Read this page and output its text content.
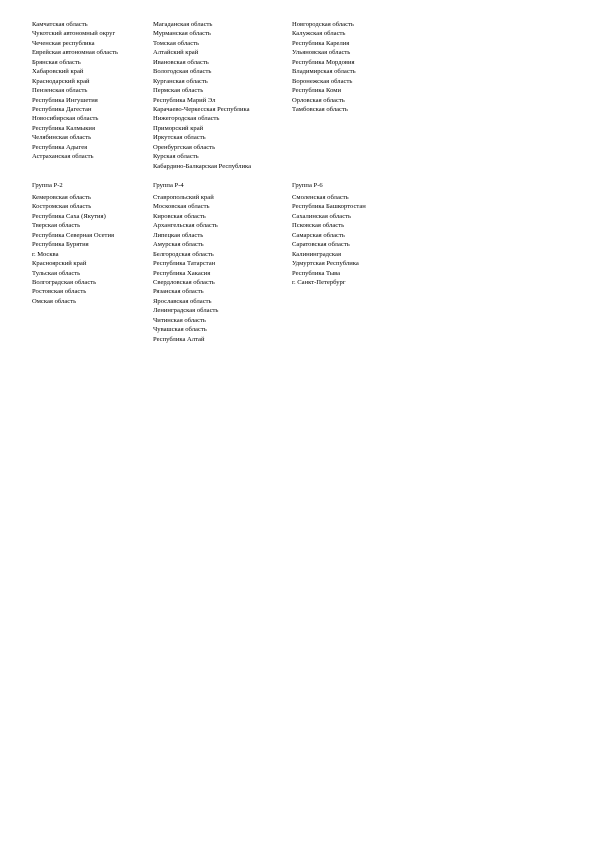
Камчатская область
Чукотский автономный округ
Чеченская республика
Еврейская автономная область
Брянская область
Хабаровский край
Краснодарский край
Пензенская область
Республика Ингушетия
Республика Дагестан
Новосибирская область
Республика Калмыкия
Челябинская область
Республика Адыгея
Астраханская область
Магаданская область
Мурманская область
Томская область
Алтайский край
Ивановская область
Вологодская область
Курганская область
Пермская область
Республика Марий Эл
Карачаево-Черкесская Республика
Нижегородская область
Приморский край
Иркутская область
Оренбургская область
Курская область
Кабардино-Балкарская Республика
Новгородская область
Калужская область
Республика Карелия
Ульяновская область
Республика Мордовия
Владимирская область
Воронежская область
Республика Коми
Орловская область
Тамбовская область
Группа Р-2
Кемеровская область
Костромская область
Республика Саха (Якутия)
Тверская область
Республика Северная Осетия
Республика Бурятия
г. Москва
Красноярский край
Тульская область
Волгоградская область
Ростовская область
Омская область
Группа Р-4
Ставропольский край
Московская область
Кировская область
Архангельская область
Липецкая область
Амурская область
Белгородская область
Республика Татарстан
Республика Хакасия
Свердловская область
Рязанская область
Ярославская область
Ленинградская область
Читинская область
Чувашская область
Республика Алтай
Группа Р-6
Смоленская область
Республика Башкортостан
Сахалинская область
Псковская область
Самарская область
Саратовская область
Калининградская
Удмуртская Республика
Республика Тыва
г. Санкт-Петербург
